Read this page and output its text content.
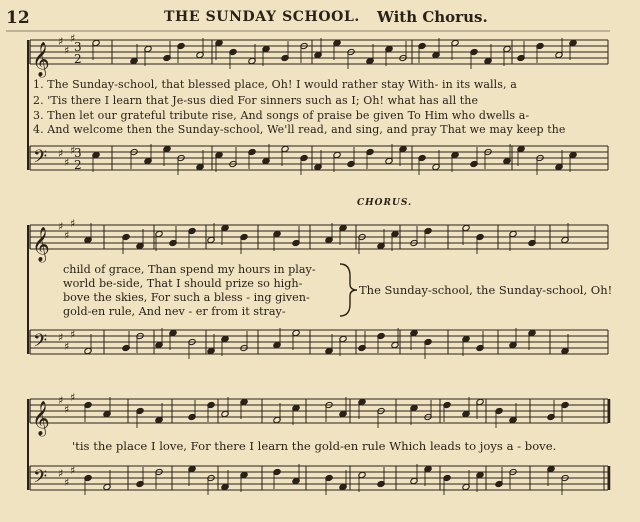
12	THE SUNDAY SCHOOL. With Chorus.
𝄞
♯
♯
♯
𝄢 ♯
♯
♯
𝄞
♯
♯
♯
𝄢 ♯
♯
♯
𝄞
♯
♯
♯
𝄢 ♯
♯
♯
3
2
3
2
1. The Sunday-school, that blessed place, Oh! I would rather stay With- in its walls, a
2. 'Tis there I learn that Je-sus died For sinners such as I; Oh! what has all the
3. Then let our grateful tribute rise, And songs of praise be given To Him who dwells a-
4. And welcome then the Sunday-school, We'll read, and sing, and pray That we may keep the
CHORUS.
child of grace, Than spend my hours in play-
world be-side, That I should prize so high-
bove the skies, For such a bless - ing given-
gold-en rule, And nev - er from it stray-
The Sunday-school, the Sunday-school, Oh!
'tis the place I love, For there I learn the gold-en rule Which leads to joys a - bove.
